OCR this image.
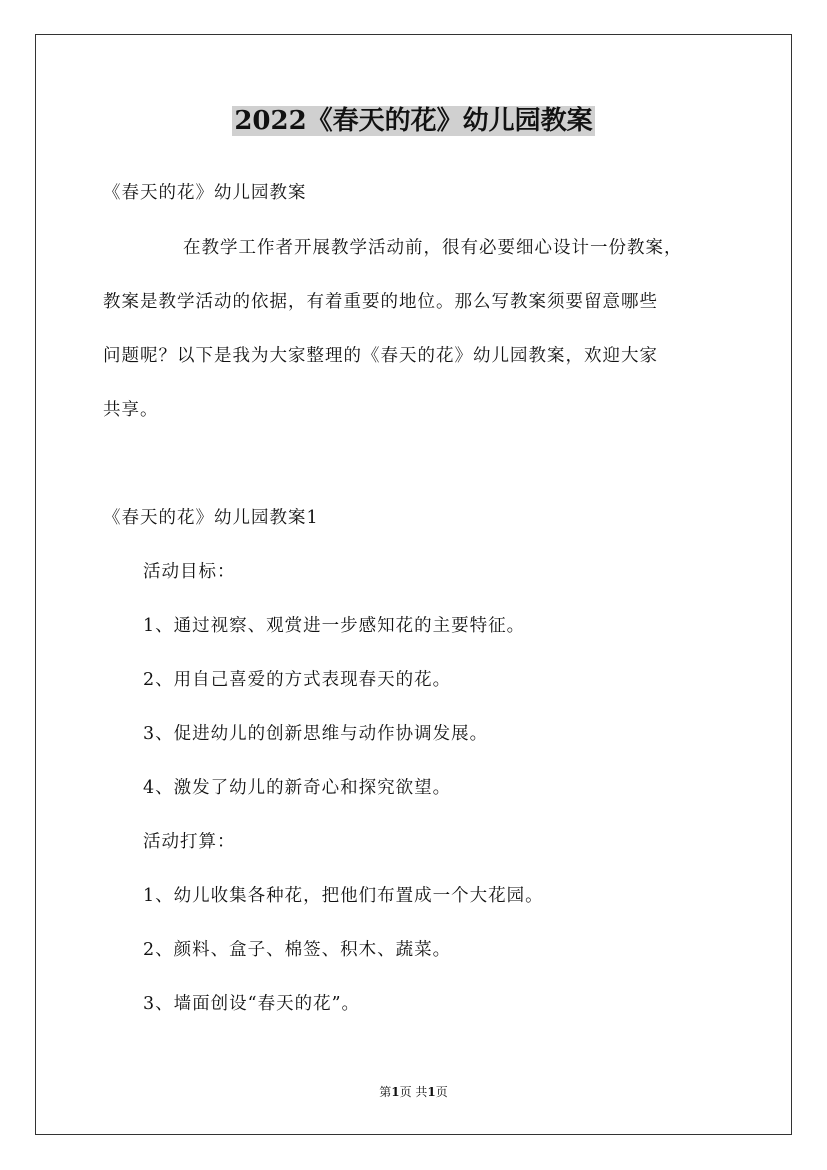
2022《春天的花》幼儿园教案
《春天的花》幼儿园教案
在教学工作者开展教学活动前，很有必要细心设计一份教案，
教案是教学活动的依据，有着重要的地位。那么写教案须要留意哪些
问题呢？以下是我为大家整理的《春天的花》幼儿园教案，欢迎大家
共享。
《春天的花》幼儿园教案1
活动目标：
1、通过视察、观赏进一步感知花的主要特征。
2、用自己喜爱的方式表现春天的花。
3、促进幼儿的创新思维与动作协调发展。
4、激发了幼儿的新奇心和探究欲望。
活动打算：
1、幼儿收集各种花，把他们布置成一个大花园。
2、颜料、盒子、棉签、积木、蔬菜。
3、墙面创设“春天的花”。
第1页 共1页
